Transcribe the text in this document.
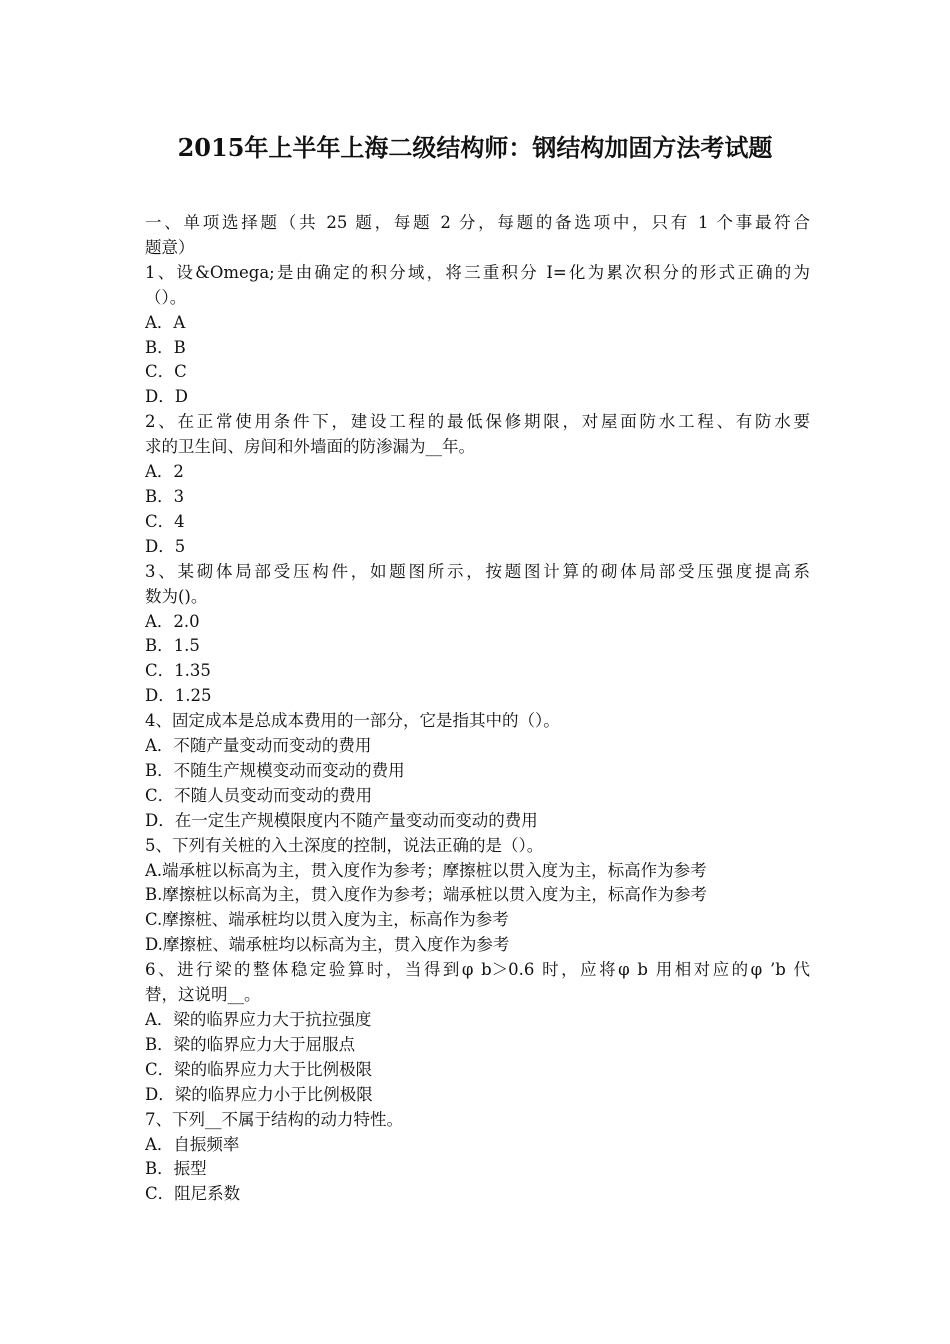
2015年上半年上海二级结构师：钢结构加固方法考试题
一、单项选择题（共 25 题，每题 2 分，每题的备选项中，只有 1 个事最符合
题意）
1、设&Omega;是由确定的积分域，将三重积分 I=化为累次积分的形式正确的为
（）。
A．A
B．B
C．C
D．D
2、在正常使用条件下，建设工程的最低保修期限，对屋面防水工程、有防水要
求的卫生间、房间和外墙面的防渗漏为__年。
A．2
B．3
C．4
D．5
3、某砌体局部受压构件，如题图所示，按题图计算的砌体局部受压强度提高系
数为()。
A．2.0
B．1.5
C．1.35
D．1.25
4、固定成本是总成本费用的一部分，它是指其中的（）。
A．不随产量变动而变动的费用
B．不随生产规模变动而变动的费用
C．不随人员变动而变动的费用
D．在一定生产规模限度内不随产量变动而变动的费用
5、下列有关桩的入土深度的控制，说法正确的是（）。
A.端承桩以标高为主，贯入度作为参考；摩擦桩以贯入度为主，标高作为参考
B.摩擦桩以标高为主，贯入度作为参考；端承桩以贯入度为主，标高作为参考
C.摩擦桩、端承桩均以贯入度为主，标高作为参考
D.摩擦桩、端承桩均以标高为主，贯入度作为参考
6、进行梁的整体稳定验算时，当得到φ b＞0.6 时，应将φ b 用相对应的φ ’b 代
替，这说明__。
A．梁的临界应力大于抗拉强度
B．梁的临界应力大于屈服点
C．梁的临界应力大于比例极限
D．梁的临界应力小于比例极限
7、下列__不属于结构的动力特性。
A．自振频率
B．振型
C．阻尼系数
